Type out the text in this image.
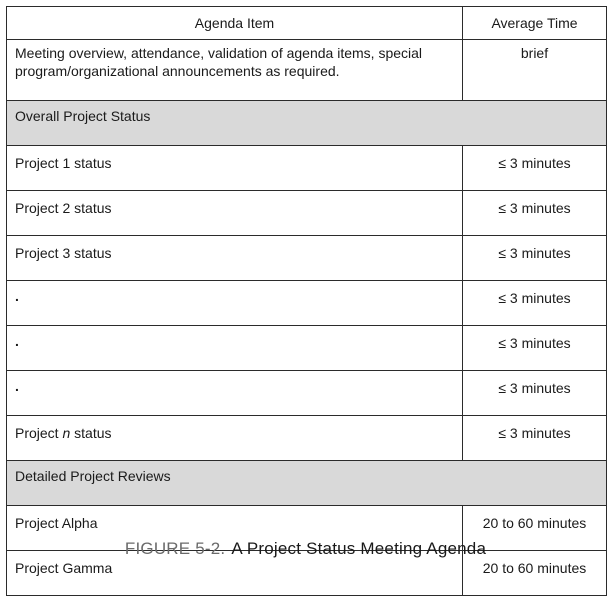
Agenda Item	Average Time
Meeting overview, attendance, validation of agenda items, special program/organizational announcements as required.	brief
Overall Project Status	
Project 1 status	≤ 3 minutes
Project 2 status	≤ 3 minutes
Project 3 status	≤ 3 minutes
.	≤ 3 minutes
.	≤ 3 minutes
.	≤ 3 minutes
Project n status	≤ 3 minutes
Detailed Project Reviews	
Project Alpha	20 to 60 minutes
Project Gamma	20 to 60 minutes
FIGURE 5-2. A Project Status Meeting Agenda
